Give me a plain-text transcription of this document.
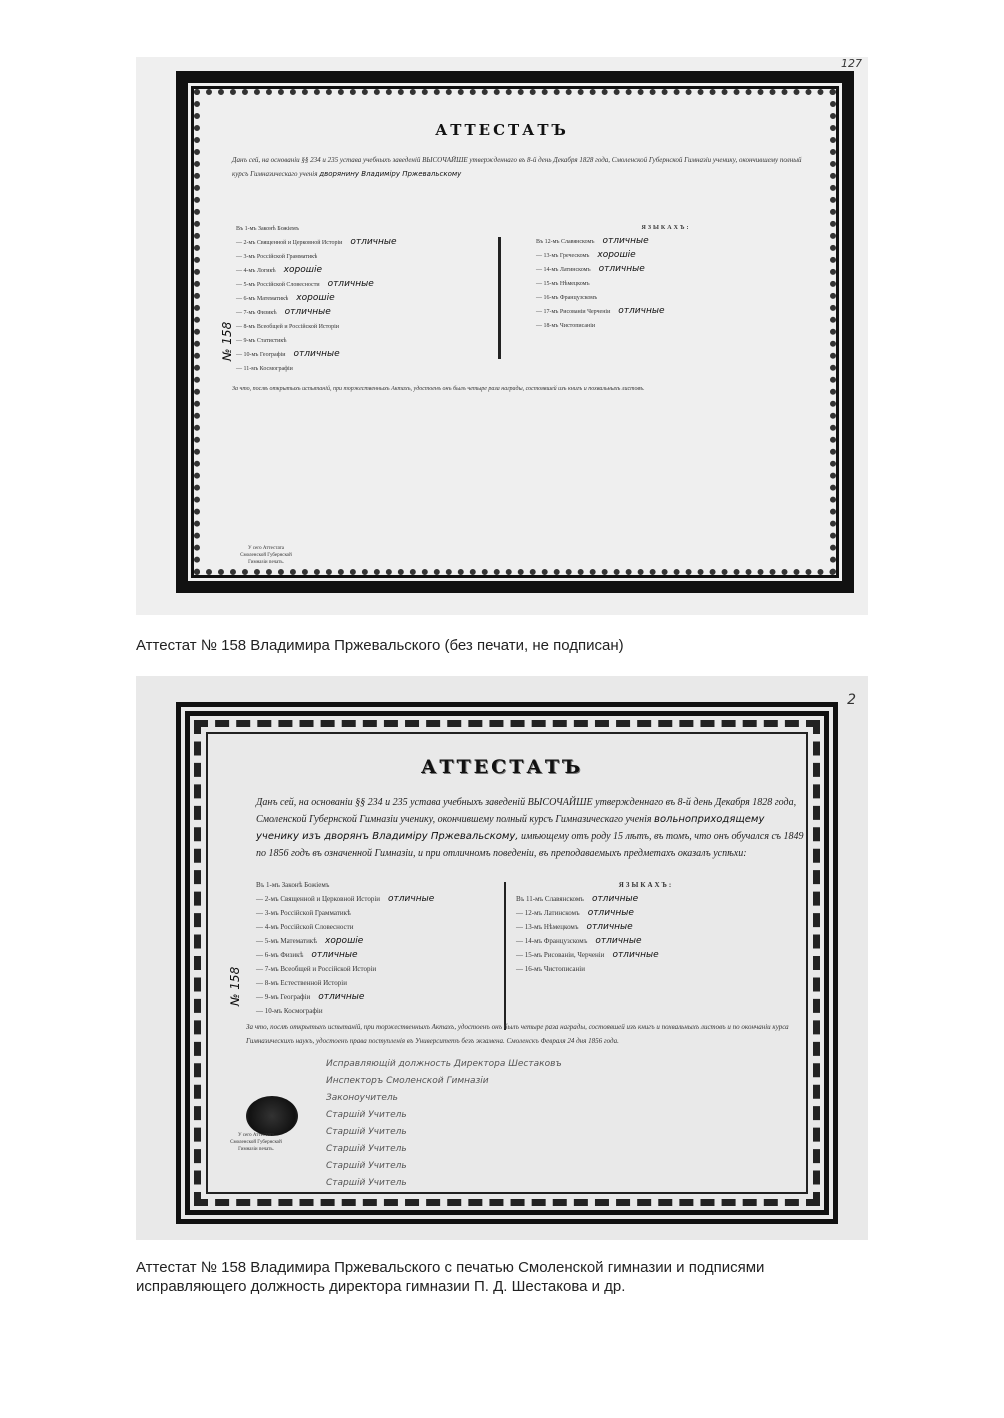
127
АТТЕСТАТЪ
Данъ сей, на основаніи §§ 234 и 235 устава учебныхъ заведеній ВЫСОЧАЙШЕ утвержденнаго въ 8-й день Декабря 1828 года, Смоленской Губернской Гимназіи ученику, окончившему полный курсъ Гимназическаго ученія дворянину Владиміру Пржевальскому
Въ 1-мъ Законѣ Божіемъ
— 2-мъ Священной и Церковной Исторіи отличные
— 3-мъ Россійской Грамматикѣ
— 4-мъ Логикѣ хорошіе
— 5-мъ Россійской Словесности отличные
— 6-мъ Математикѣ хорошіе
— 7-мъ Физикѣ отличные
— 8-мъ Всеобщей и Россійской Исторіи
— 9-мъ Статистикѣ
— 10-мъ Географіи отличные
— 11-мъ Космографіи
ЯЗЫКАХЪ:
Въ 12-мъ Славянскомъ отличные
— 13-мъ Греческомъ хорошіе
— 14-мъ Латинскомъ отличные
— 15-мъ Нѣмецкомъ
— 16-мъ Французскомъ
— 17-мъ Рисованіи Черченіи отличные
— 18-мъ Чистописаніи
№ 158
За что, послѣ открытыхъ испытаній, при торжественныхъ Актахъ, удостоенъ онъ былъ четыре раза награды, состоявшей изъ книгъ и похвальныхъ листовъ.
У сего Аттестата Смоленской Губернской Гимназіи печать.
Аттестат № 158 Владимира Пржевальского (без печати, не подписан)
2
АТТЕСТАТЪ
Данъ сей, на основаніи §§ 234 и 235 устава учебныхъ заведеній ВЫСОЧАЙШЕ утвержденнаго въ 8-й день Декабря 1828 года, Смоленской Губернской Гимназіи ученику, окончившему полный курсъ Гимназическаго ученія вольноприходящему ученику изъ дворянъ Владиміру Пржевальскому, имѣющему отъ роду 15 лѣтъ, въ томъ, что онъ обучался съ 1849 по 1856 годъ въ означенной Гимназіи, и при отличномъ поведеніи, въ преподаваемыхъ предметахъ оказалъ успѣхи:
Въ 1-мъ Законѣ Божіемъ
— 2-мъ Священной и Церковной Исторіи отличные
— 3-мъ Россійской Грамматикѣ
— 4-мъ Россійской Словесности
— 5-мъ Математикѣ хорошіе
— 6-мъ Физикѣ отличные
— 7-мъ Всеобщей и Россійской Исторіи
— 8-мъ Естественной Исторіи
— 9-мъ Географіи отличные
— 10-мъ Космографіи
ЯЗЫКАХЪ:
Въ 11-мъ Славянскомъ отличные
— 12-мъ Латинскомъ отличные
— 13-мъ Нѣмецкомъ отличные
— 14-мъ Французскомъ отличные
— 15-мъ Рисованіи, Черченіи отличные
— 16-мъ Чистописаніи
№ 158
За что, послѣ открытыхъ испытаній, при торжественныхъ Актахъ, удостоенъ онъ былъ четыре раза награды, состоявшей изъ книгъ и похвальныхъ листовъ и по окончаніи курса Гимназическихъ наукъ, удостоенъ права поступленія въ Университетъ безъ экзамена. Смоленскъ Февраля 24 дня 1856 года.
Исправляющій должность Директора Шестаковъ
Инспекторъ Смоленской Гимназіи
Законоучитель
Старшій Учитель
Старшій Учитель
Старшій Учитель
Старшій Учитель
Старшій Учитель
У сего Аттестата Смоленской Губернской Гимназіи печать.
Аттестат № 158 Владимира Пржевальского с печатью Смоленской гимназии и подписями исправляющего должность директора гимназии П. Д. Шестакова и др.
